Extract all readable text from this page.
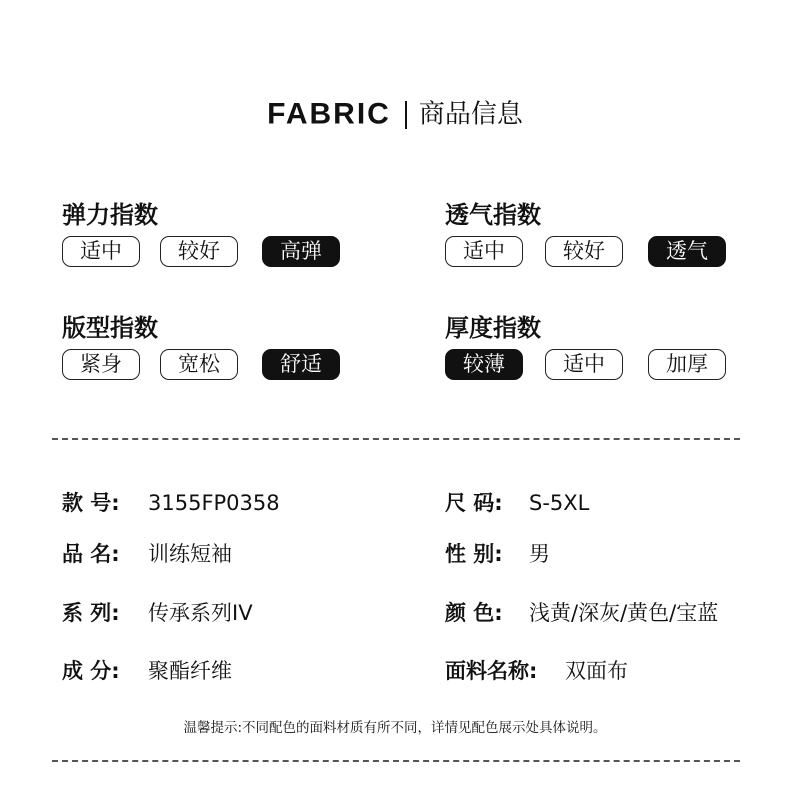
FABRIC 商品信息
弹力指数
适中	较好	高弹
透气指数
适中	较好	透气
版型指数
紧身	宽松	舒适
厚度指数
较薄	适中	加厚
款 号: 3155FP0358	尺 码: S-5XL
品 名: 训练短袖	性 别: 男
系 列: 传承系列IV	颜 色: 浅黄/深灰/黄色/宝蓝
成 分: 聚酯纤维	面料名称: 双面布
温馨提示:不同配色的面料材质有所不同，详情见配色展示处具体说明。
